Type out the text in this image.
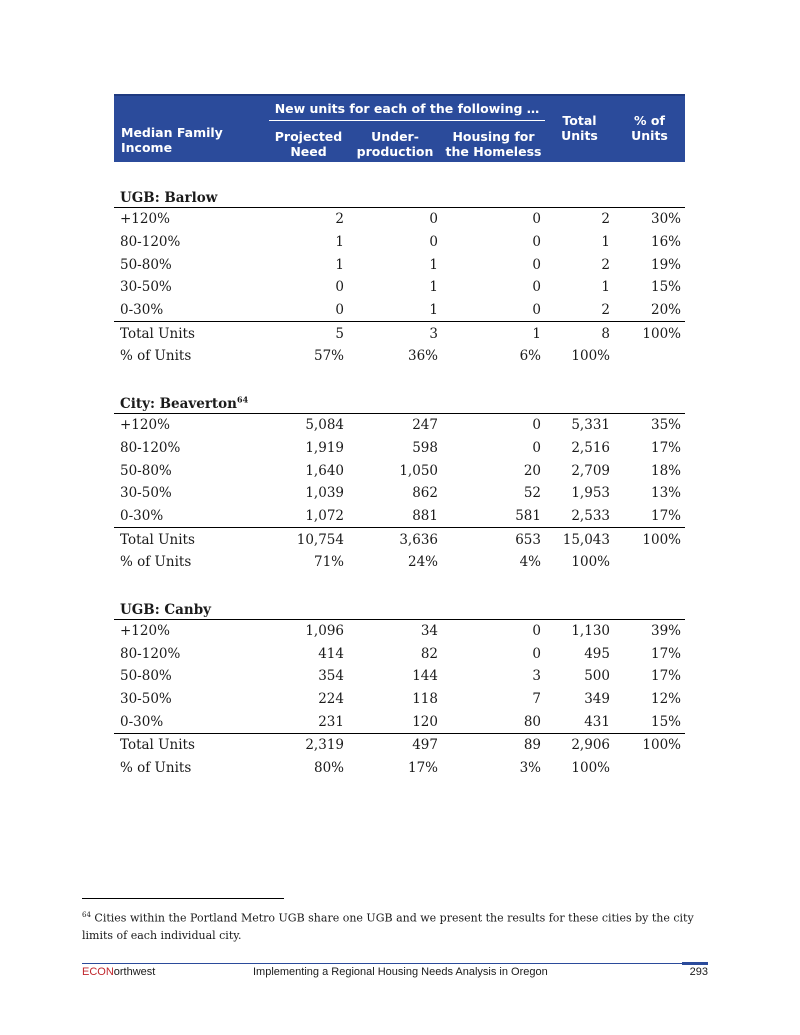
Median Family Income	New units for each of the following …			Total Units	% of Units
	Projected Need	Under-production	Housing for the Homeless		

UGB: Barlow					
+120%	2	0	0	2	30%
80-120%	1	0	0	1	16%
50-80%	1	1	0	2	19%
30-50%	0	1	0	1	15%
0-30%	0	1	0	2	20%
Total Units	5	3	1	8	100%
% of Units	57%	36%	6%	100%	

City: Beaverton$^{64}$
+120%	5,084	247	0	5,331	35%
80-120%	1,919	598	0	2,516	17%
50-80%	1,640	1,050	20	2,709	18%
30-50%	1,039	862	52	1,953	13%
0-30%	1,072	881	581	2,533	17%
Total Units	10,754	3,636	653	15,043	100%
% of Units	71%	24%	4%	100%	

UGB: Canby					
+120%	1,096	34	0	1,130	39%
80-120%	414	82	0	495	17%
50-80%	354	144	3	500	17%
30-50%	224	118	7	349	12%
0-30%	231	120	80	431	15%
Total Units	2,319	497	89	2,906	100%
% of Units	80%	17%	3%	100%	
$^{64}$ Cities within the Portland Metro UGB share one UGB and we present the results for these cities by the city limits of each individual city.
ECONorthwest	Implementing a Regional Housing Needs Analysis in Oregon	293
